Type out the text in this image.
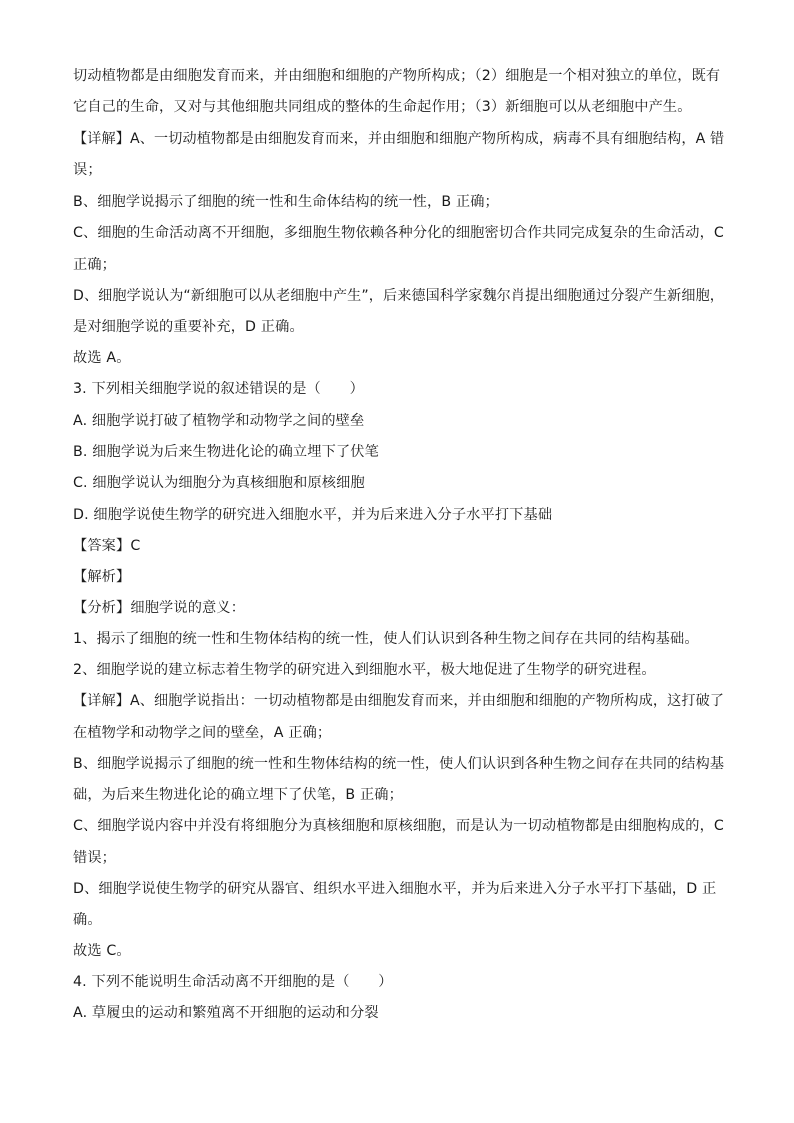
切动植物都是由细胞发育而来，并由细胞和细胞的产物所构成；（2）细胞是一个相对独立的单位，既有
它自己的生命，又对与其他细胞共同组成的整体的生命起作用；（3）新细胞可以从老细胞中产生。
【详解】A、一切动植物都是由细胞发育而来，并由细胞和细胞产物所构成，病毒不具有细胞结构，A 错
误；
B、细胞学说揭示了细胞的统一性和生命体结构的统一性，B 正确；
C、细胞的生命活动离不开细胞，多细胞生物依赖各种分化的细胞密切合作共同完成复杂的生命活动，C
正确；
D、细胞学说认为“新细胞可以从老细胞中产生”，后来德国科学家魏尔肖提出细胞通过分裂产生新细胞，
是对细胞学说的重要补充，D 正确。
故选 A。
3. 下列相关细胞学说的叙述错误的是（　　）
A. 细胞学说打破了植物学和动物学之间的壁垒
B. 细胞学说为后来生物进化论的确立埋下了伏笔
C. 细胞学说认为细胞分为真核细胞和原核细胞
D. 细胞学说使生物学的研究进入细胞水平，并为后来进入分子水平打下基础
【答案】C
【解析】
【分析】细胞学说的意义：
1、揭示了细胞的统一性和生物体结构的统一性，使人们认识到各种生物之间存在共同的结构基础。
2、细胞学说的建立标志着生物学的研究进入到细胞水平，极大地促进了生物学的研究进程。
【详解】A、细胞学说指出：一切动植物都是由细胞发育而来，并由细胞和细胞的产物所构成，这打破了
在植物学和动物学之间的壁垒，A 正确；
B、细胞学说揭示了细胞的统一性和生物体结构的统一性，使人们认识到各种生物之间存在共同的结构基
础，为后来生物进化论的确立埋下了伏笔，B 正确；
C、细胞学说内容中并没有将细胞分为真核细胞和原核细胞，而是认为一切动植物都是由细胞构成的，C
错误；
D、细胞学说使生物学的研究从器官、组织水平进入细胞水平，并为后来进入分子水平打下基础，D 正
确。
故选 C。
4. 下列不能说明生命活动离不开细胞的是（　　）
A. 草履虫的运动和繁殖离不开细胞的运动和分裂
